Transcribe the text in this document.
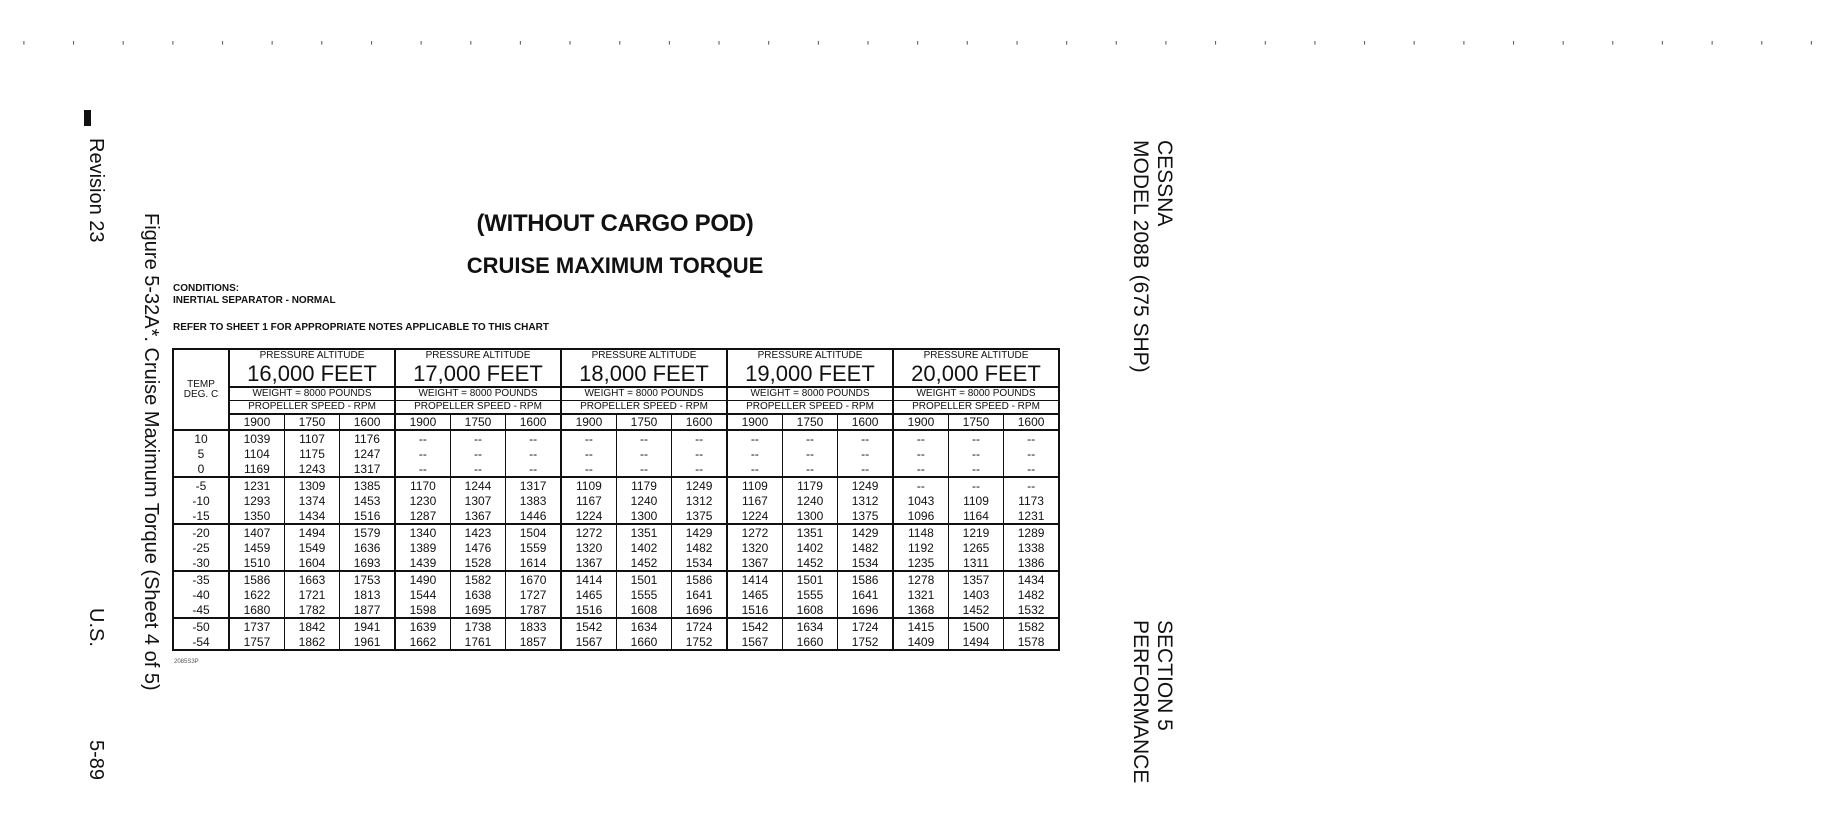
' ' ' ' ' ' ' ' ' ' ' ' ' ' ' ' ' ' ' ' ' ' ' ' ' ' ' ' ' ' ' ' ' ' ' ' '
Revision 23
Figure 5-32A*. Cruise Maximum Torque (Sheet 4 of 5)
U.S.
5-89
CESSNA
MODEL 208B (675 SHP)
SECTION 5
PERFORMANCE
(WITHOUT CARGO POD)
CRUISE MAXIMUM TORQUE
CONDITIONS:
INERTIAL SEPARATOR - NORMAL
REFER TO SHEET 1 FOR APPROPRIATE NOTES APPLICABLE TO THIS CHART
TEMP
DEG. C	PRESSURE ALTITUDE			PRESSURE ALTITUDE			PRESSURE ALTITUDE			PRESSURE ALTITUDE			PRESSURE ALTITUDE		
	16,000 FEET			17,000 FEET			18,000 FEET			19,000 FEET			20,000 FEET		
	WEIGHT = 8000 POUNDS			WEIGHT = 8000 POUNDS			WEIGHT = 8000 POUNDS			WEIGHT = 8000 POUNDS			WEIGHT = 8000 POUNDS		
	PROPELLER SPEED - RPM			PROPELLER SPEED - RPM			PROPELLER SPEED - RPM			PROPELLER SPEED - RPM			PROPELLER SPEED - RPM		
	1900	1750	1600	1900	1750	1600	1900	1750	1600	1900	1750	1600	1900	1750	1600
10	1039	1107	1176	--	--	--	--	--	--	--	--	--	--	--	--
5	1104	1175	1247	--	--	--	--	--	--	--	--	--	--	--	--
0	1169	1243	1317	--	--	--	--	--	--	--	--	--	--	--	--
-5	1231	1309	1385	1170	1244	1317	1109	1179	1249	1109	1179	1249	--	--	--
-10	1293	1374	1453	1230	1307	1383	1167	1240	1312	1167	1240	1312	1043	1109	1173
-15	1350	1434	1516	1287	1367	1446	1224	1300	1375	1224	1300	1375	1096	1164	1231
-20	1407	1494	1579	1340	1423	1504	1272	1351	1429	1272	1351	1429	1148	1219	1289
-25	1459	1549	1636	1389	1476	1559	1320	1402	1482	1320	1402	1482	1192	1265	1338
-30	1510	1604	1693	1439	1528	1614	1367	1452	1534	1367	1452	1534	1235	1311	1386
-35	1586	1663	1753	1490	1582	1670	1414	1501	1586	1414	1501	1586	1278	1357	1434
-40	1622	1721	1813	1544	1638	1727	1465	1555	1641	1465	1555	1641	1321	1403	1482
-45	1680	1782	1877	1598	1695	1787	1516	1608	1696	1516	1608	1696	1368	1452	1532
-50	1737	1842	1941	1639	1738	1833	1542	1634	1724	1542	1634	1724	1415	1500	1582
-54	1757	1862	1961	1662	1761	1857	1567	1660	1752	1567	1660	1752	1409	1494	1578
2085S3P
